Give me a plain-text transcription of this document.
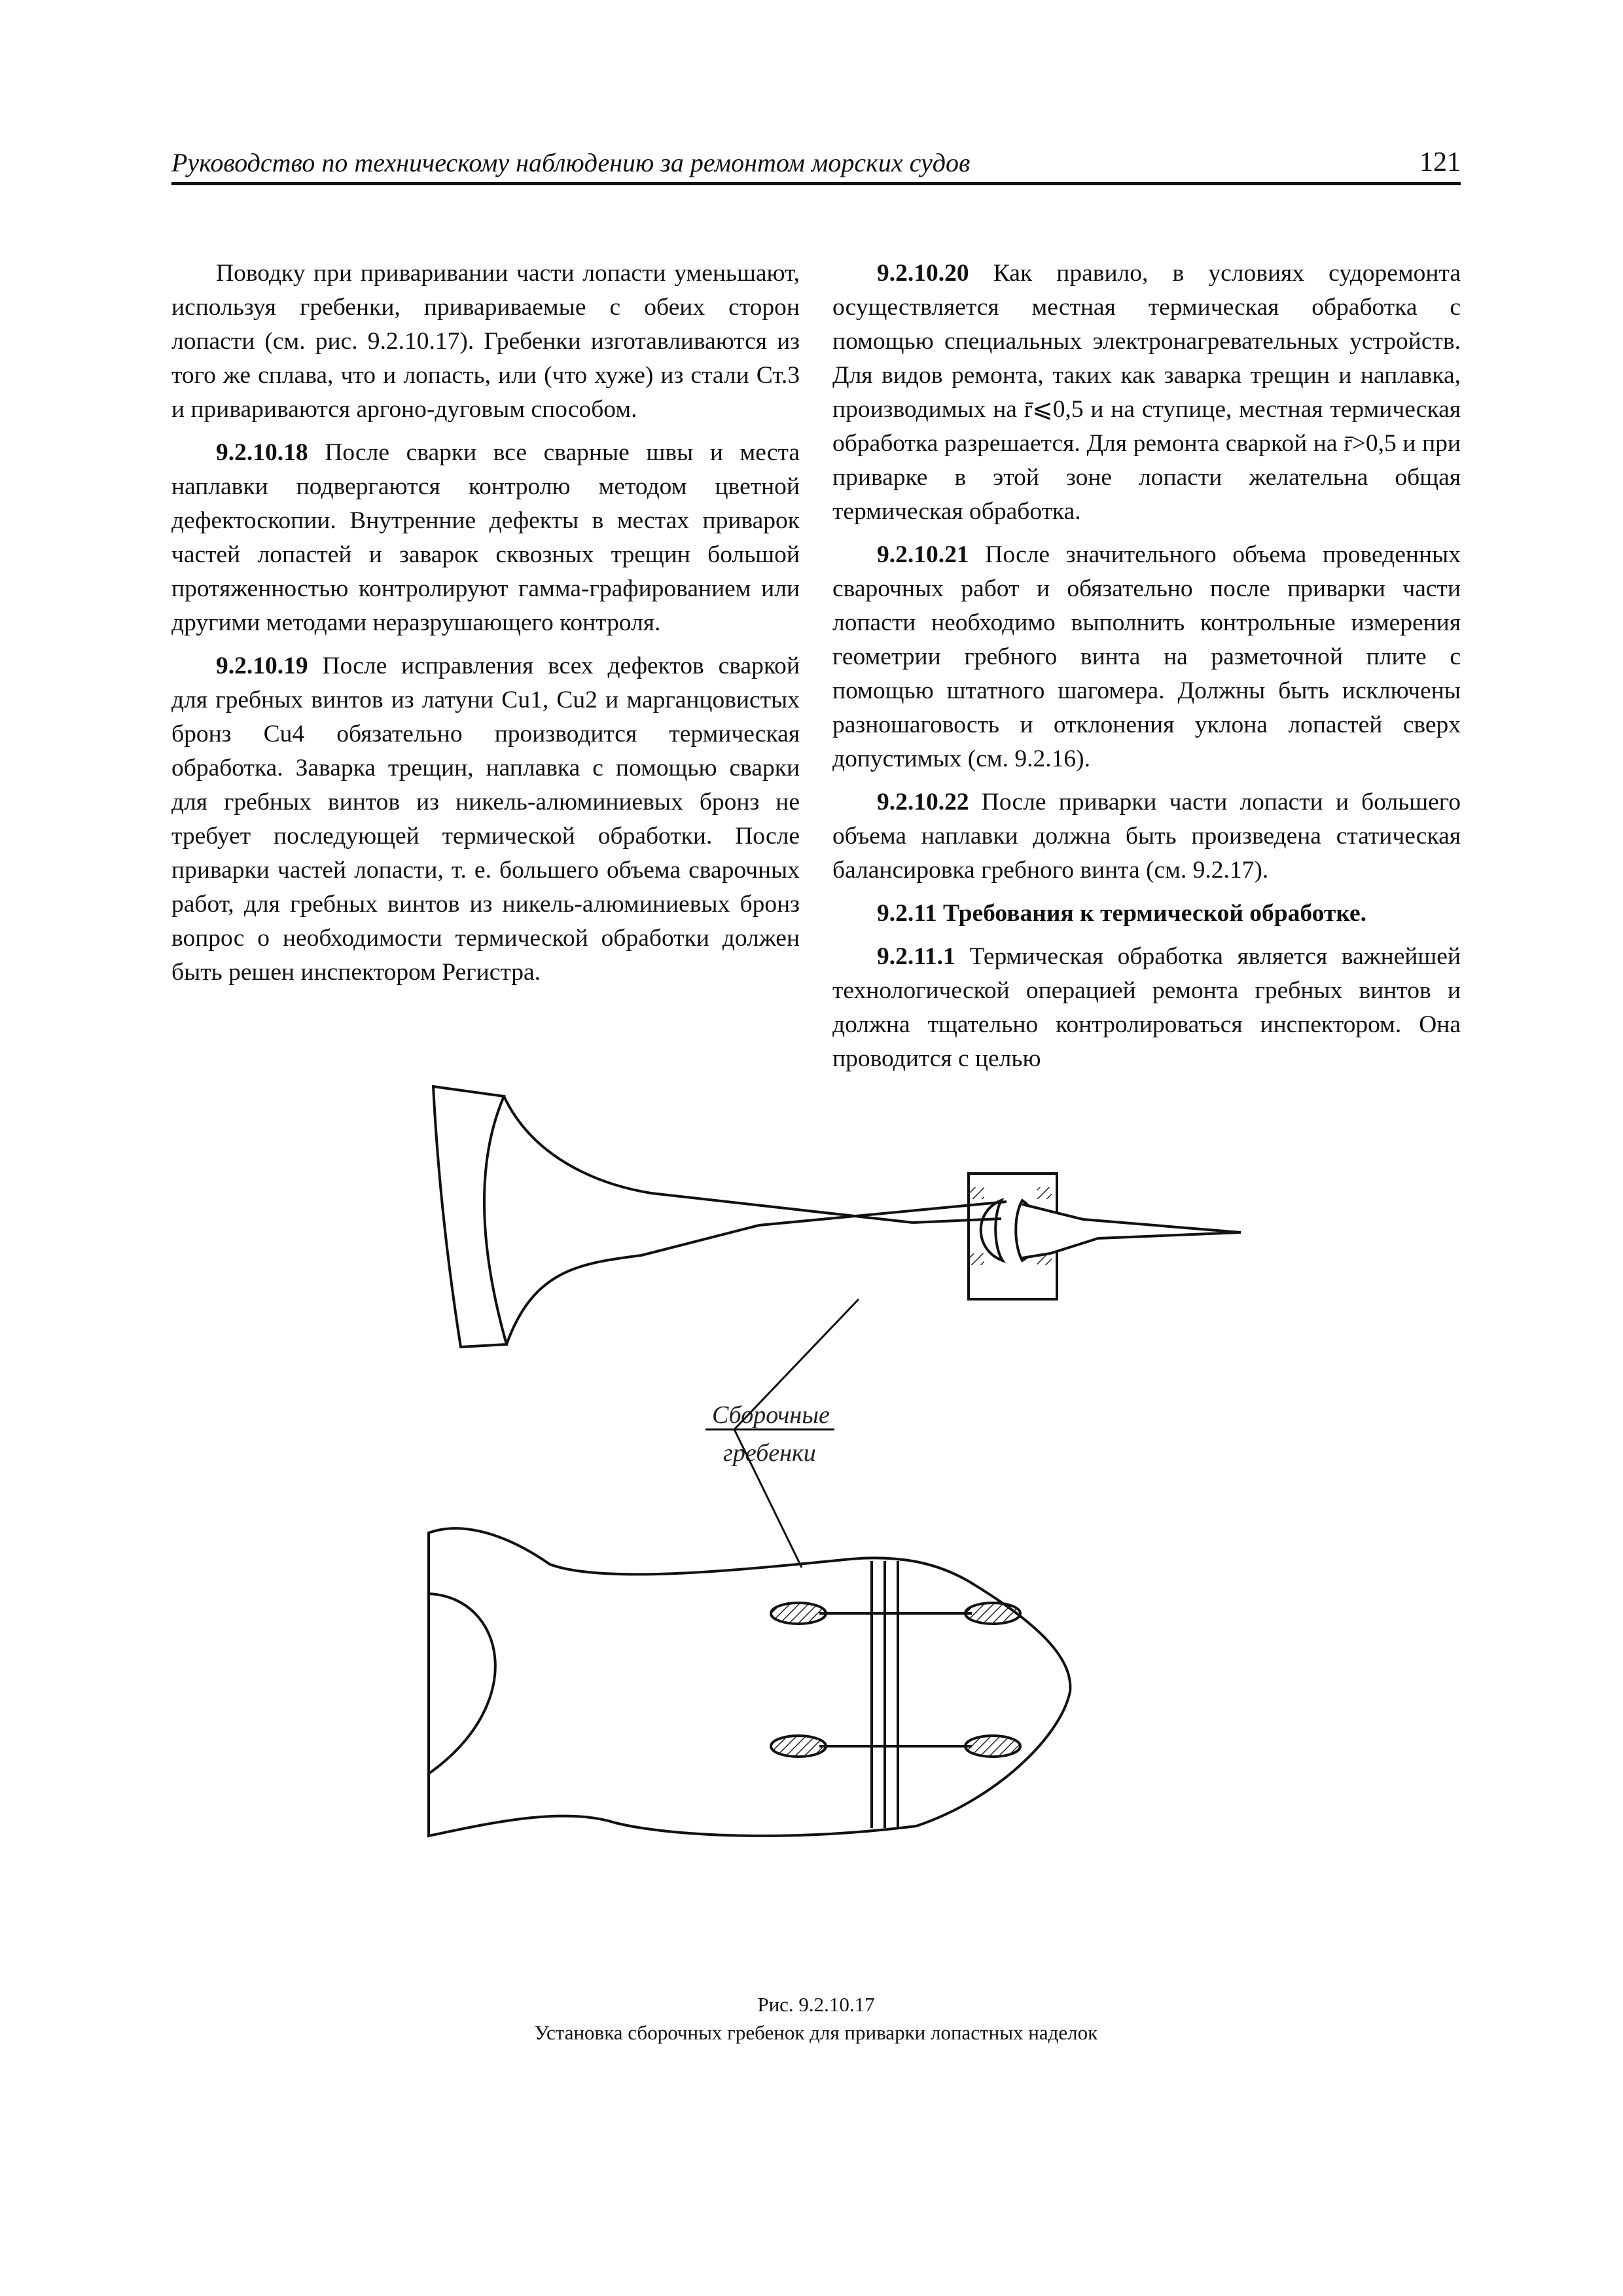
Руководство по техническому наблюдению за ремонтом морских судов	121

Поводку при приваривании части лопасти уменьшают, используя гребенки, привариваемые с обеих сторон лопасти (см. рис. 9.2.10.17). Гребенки изготавливаются из того же сплава, что и лопасть, или (что хуже) из стали Ст.3 и привариваются аргоно-дуговым способом.

9.2.10.18 После сварки все сварные швы и места наплавки подвергаются контролю методом цветной дефектоскопии. Внутренние дефекты в местах приварок частей лопастей и заварок сквозных трещин большой протяженностью контролируют гамма-графированием или другими методами неразрушающего контроля.

9.2.10.19 После исправления всех дефектов сваркой для гребных винтов из латуни Cu1, Cu2 и марганцовистых бронз Cu4 обязательно производится термическая обработка. Заварка трещин, наплавка с помощью сварки для гребных винтов из никель-алюминиевых бронз не требует последующей термической обработки. После приварки частей лопасти, т. е. большего объема сварочных работ, для гребных винтов из никель-алюминиевых бронз вопрос о необходимости термической обработки должен быть решен инспектором Регистра.

9.2.10.20 Как правило, в условиях судоремонта осуществляется местная термическая обработка с помощью специальных электронагревательных устройств. Для видов ремонта, таких как заварка трещин и наплавка, производимых на r̄⩽0,5 и на ступице, местная термическая обработка разрешается. Для ремонта сваркой на r̄>0,5 и при приварке в этой зоне лопасти желательна общая термическая обработка.

9.2.10.21 После значительного объема проведенных сварочных работ и обязательно после приварки части лопасти необходимо выполнить контрольные измерения геометрии гребного винта на разметочной плите с помощью штатного шагомера. Должны быть исключены разношаговость и отклонения уклона лопастей сверх допустимых (см. 9.2.16).

9.2.10.22 После приварки части лопасти и большего объема наплавки должна быть произведена статическая балансировка гребного винта (см. 9.2.17).

9.2.11 Требования к термической обработке.

9.2.11.1 Термическая обработка является важнейшей технологической операцией ремонта гребных винтов и должна тщательно контролироваться инспектором. Она проводится с целью

Сборочные
гребенки
Рис. 9.2.10.17
Установка сборочных гребенок для приварки лопастных наделок
